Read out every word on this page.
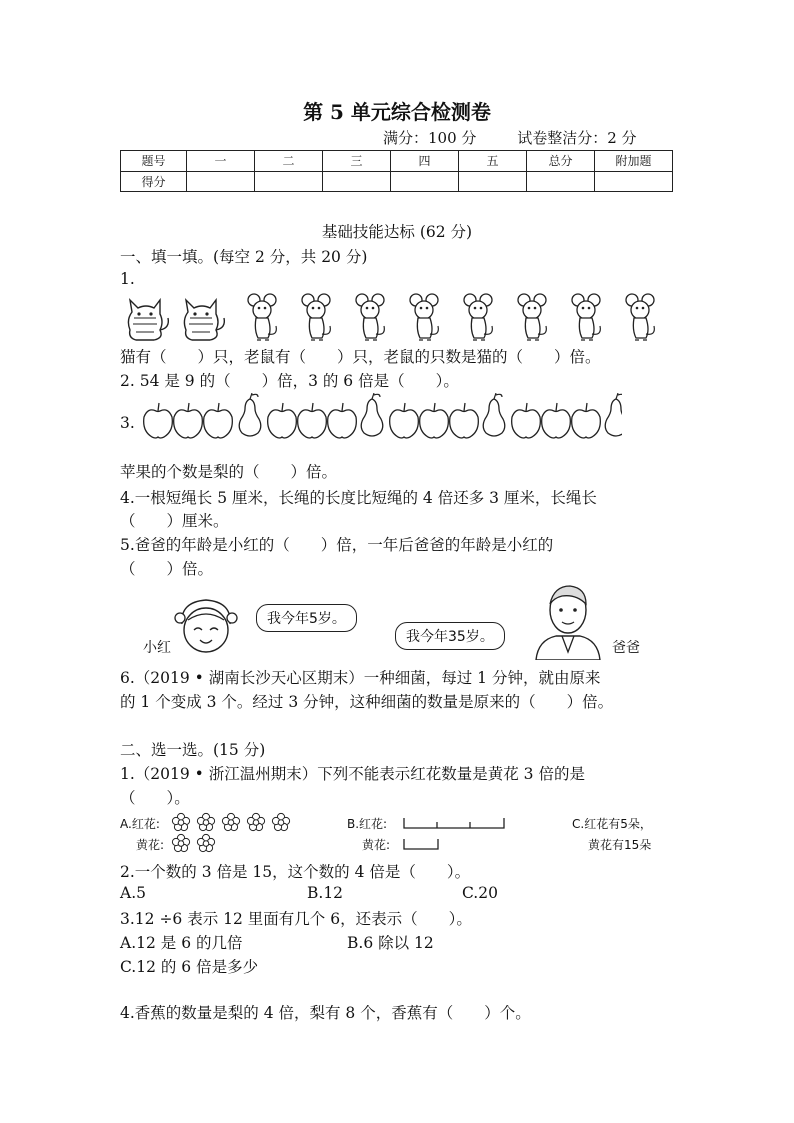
第 5 单元综合检测卷
满分：100 分	试卷整洁分：2 分
题号	一	二	三	四	五	总分	附加题
得分							
基础技能达标 (62 分)
一、填一填。(每空 2 分，共 20 分)
1.
猫有（　　）只，老鼠有（　　）只，老鼠的只数是猫的（　　）倍。
2. 54 是 9 的（　　）倍，3 的 6 倍是（　　）。
3.
苹果的个数是梨的（　　）倍。
4.一根短绳长 5 厘米，长绳的长度比短绳的 4 倍还多 3 厘米，长绳长
（　　）厘米。
5.爸爸的年龄是小红的（　　）倍，一年后爸爸的年龄是小红的
（　　）倍。
小红
我今年5岁。
我今年35岁。
爸爸
6.（2019 • 湖南长沙天心区期末）一种细菌，每过 1 分钟，就由原来
的 1 个变成 3 个。经过 3 分钟，这种细菌的数量是原来的（　　）倍。
二、选一选。(15 分)
1.（2019 • 浙江温州期末）下列不能表示红花数量是黄花 3 倍的是
（　　）。
A.红花:
黄花:
B.红花:
黄花:
C.红花有5朵，
黄花有15朵
2.一个数的 3 倍是 15，这个数的 4 倍是（　　）。
A.5	B.12	C.20
3.12 ÷6 表示 12 里面有几个 6，还表示（　　）。
A.12 是 6 的几倍	B.6 除以 12
C.12 的 6 倍是多少
4.香蕉的数量是梨的 4 倍，梨有 8 个，香蕉有（　　）个。
